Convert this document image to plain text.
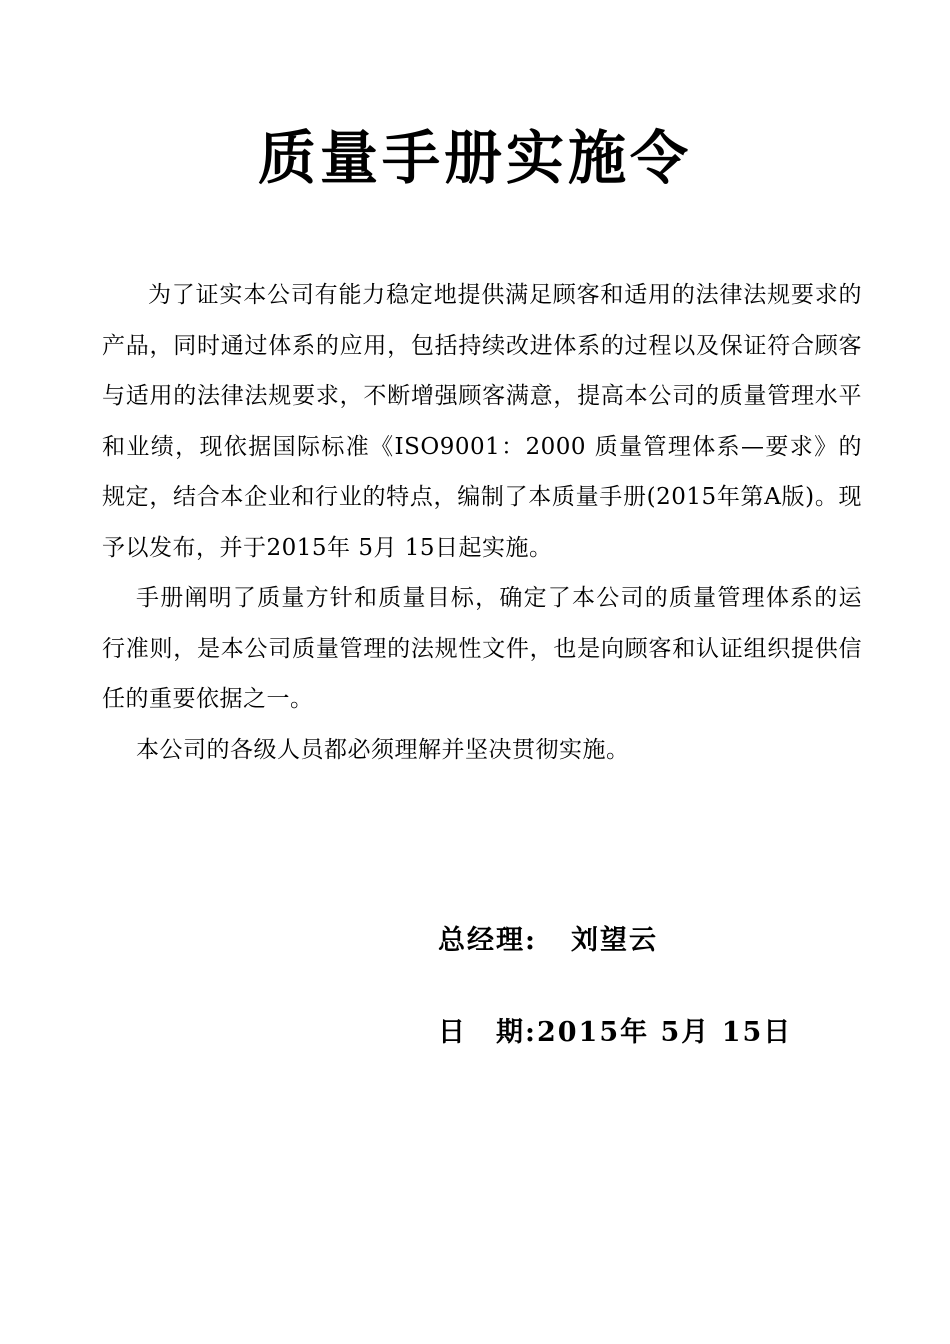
质量手册实施令

为了证实本公司有能力稳定地提供满足顾客和适用的法律法规要求的产品，同时通过体系的应用，包括持续改进体系的过程以及保证符合顾客与适用的法律法规要求，不断增强顾客满意，提高本公司的质量管理水平和业绩，现依据国际标准《ISO9001：2000 质量管理体系—要求》的规定，结合本企业和行业的特点，编制了本质量手册(2015年第A版)。现予以发布，并于2015年 5月 15日起实施。

手册阐明了质量方针和质量目标，确定了本公司的质量管理体系的运行准则，是本公司质量管理的法规性文件，也是向顾客和认证组织提供信任的重要依据之一。

本公司的各级人员都必须理解并坚决贯彻实施。

总经理: 刘望云
日　期: 2015年 5月 15日
